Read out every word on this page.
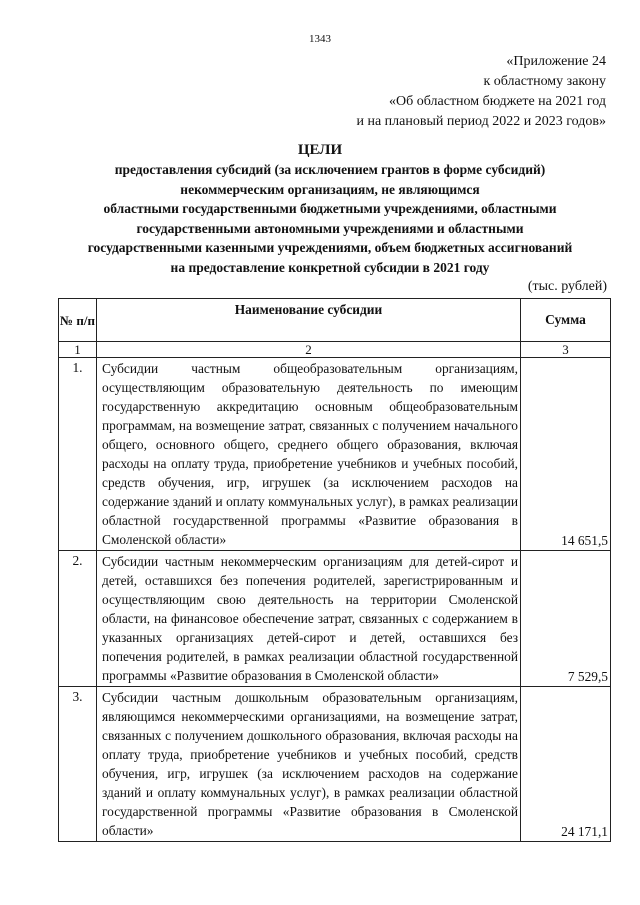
1343
«Приложение 24
к областному закону
«Об областном бюджете на 2021 год
и на плановый период 2022 и 2023 годов»
ЦЕЛИ
предоставления субсидий (за исключением грантов в форме субсидий)
некоммерческим организациям, не являющимся
областными государственными бюджетными учреждениями, областными
государственными автономными учреждениями и областными
государственными казенными учреждениями, объем бюджетных ассигнований
на предоставление конкретной субсидии в 2021 году
(тыс. рублей)
№ п/п	Наименование субсидии	Сумма
1	2	3
1.	Субсидии частным общеобразовательным организациям, осуществляющим образовательную деятельность по имеющим государственную аккредитацию основным общеобразовательным программам, на возмещение затрат, связанных с получением начального общего, основного общего, среднего общего образования, включая расходы на оплату труда, приобретение учебников и учебных пособий, средств обучения, игр, игрушек (за исключением расходов на содержание зданий и оплату коммунальных услуг), в рамках реализации областной государственной программы «Развитие образования в Смоленской области»	14 651,5
2.	Субсидии частным некоммерческим организациям для детей-сирот и детей, оставшихся без попечения родителей, зарегистрированным и осуществляющим свою деятельность на территории Смоленской области, на финансовое обеспечение затрат, связанных с содержанием в указанных организациях детей-сирот и детей, оставшихся без попечения родителей, в рамках реализации областной государственной программы «Развитие образования в Смоленской области»	7 529,5
3.	Субсидии частным дошкольным образовательным организациям, являющимся некоммерческими организациями, на возмещение затрат, связанных с получением дошкольного образования, включая расходы на оплату труда, приобретение учебников и учебных пособий, средств обучения, игр, игрушек (за исключением расходов на содержание зданий и оплату коммунальных услуг), в рамках реализации областной государственной программы «Развитие образования в Смоленской области»	24 171,1
